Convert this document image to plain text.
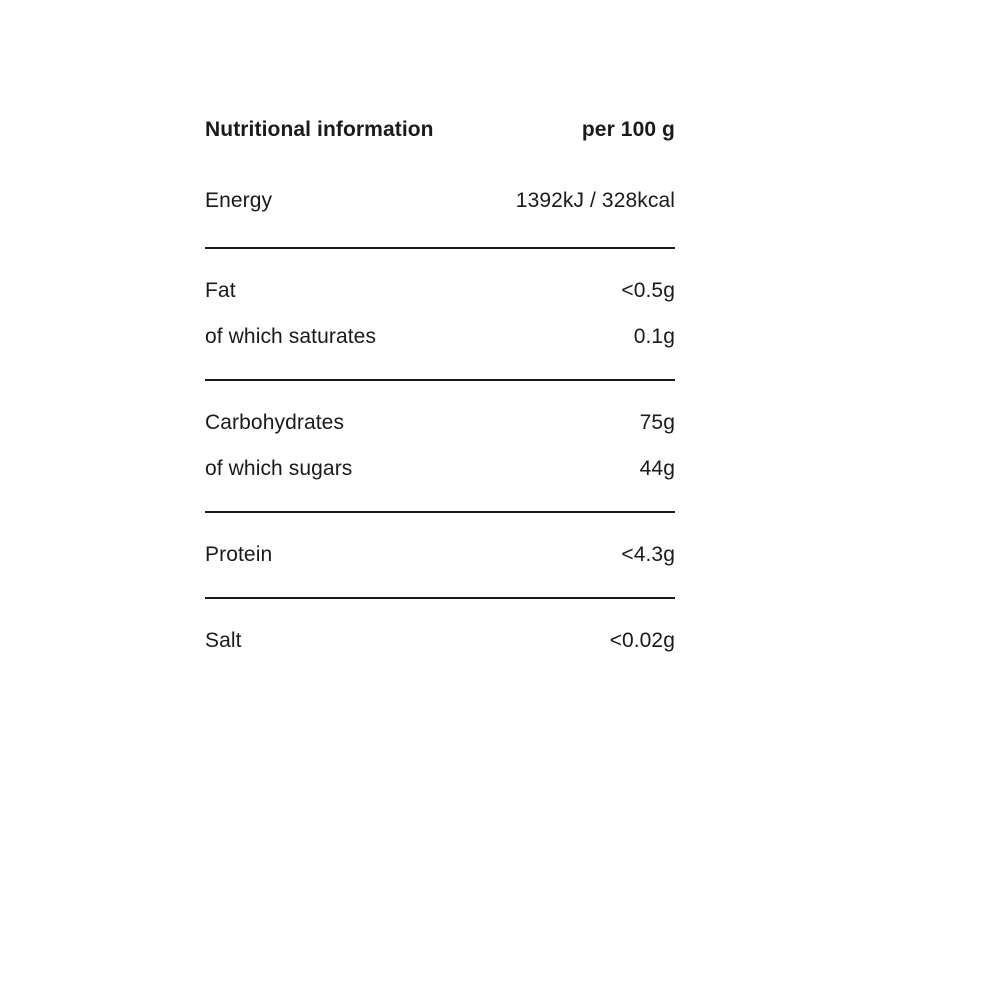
Nutritional information	per 100 g
Energy	1392kJ / 328kcal
Fat	<0.5g
of which saturates	0.1g
Carbohydrates	75g
of which sugars	44g
Protein	<4.3g
Salt	<0.02g
